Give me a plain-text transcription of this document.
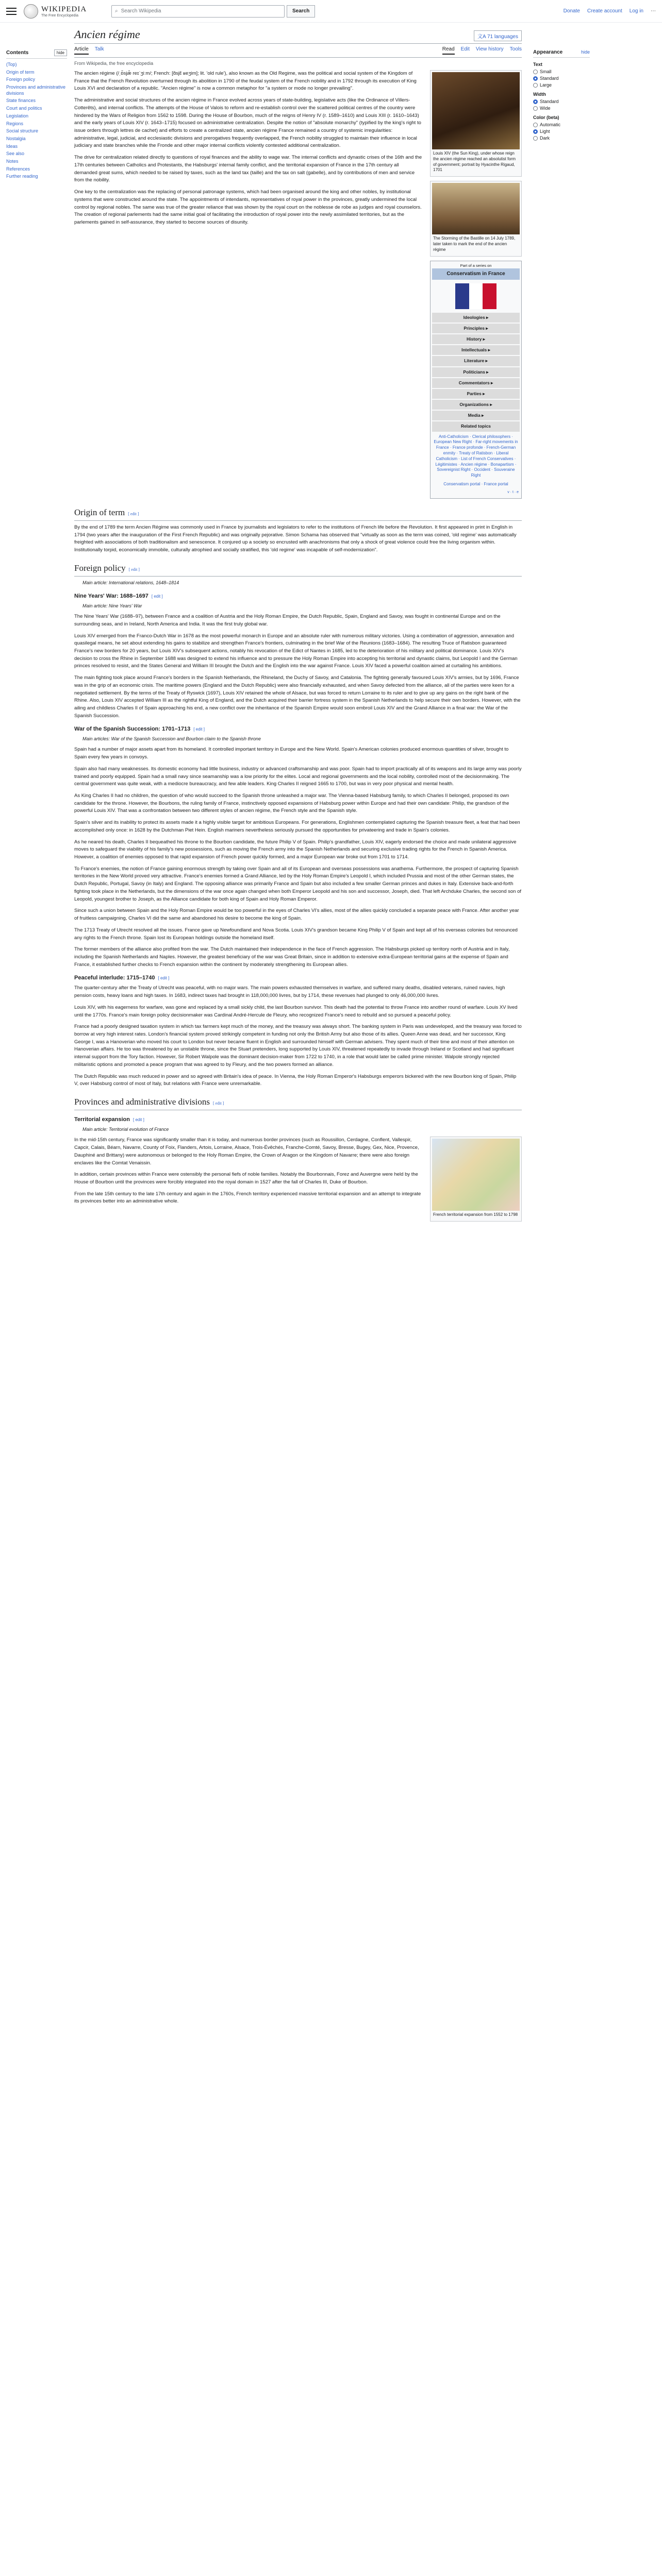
WIKIPEDIA
The Free Encyclopedia
⌕ Search Wikipedia	Search	Donate Create account Log in ⋯
Contents	hide
(Top)
Origin of term
Foreign policy
Provinces and administrative divisions
State finances
Court and politics
Legislation
Regions
Social structure
Nostalgia
Ideas
See also
Notes
References
Further reading
Ancien régime	文A 71 languages
Article Talk	Read Edit View history Tools
From Wikipedia, the free encyclopedia

The ancien régime (/ˌɒ̃sjæ̃ reɪˈʒiːm/; French: [ɑ̃sjɛ̃ ʁeʒim]; lit. 'old rule'), also known as the Old Regime, was the political and social system of the Kingdom of France that the French Revolution overturned through its abolition in 1790 of the feudal system of the French nobility and in 1792 through its execution of King Louis XVI and declaration of a republic. "Ancien régime" is now a common metaphor for "a system or mode no longer prevailing".

The administrative and social structures of the ancien régime in France evolved across years of state-building, legislative acts (like the Ordinance of Villers-Cotterêts), and internal conflicts. The attempts of the House of Valois to reform and re-establish control over the scattered political centres of the country were hindered by the Wars of Religion from 1562 to 1598. During the House of Bourbon, much of the reigns of Henry IV (r. 1589–1610) and Louis XIII (r. 1610–1643) and the early years of Louis XIV (r. 1643–1715) focused on administrative centralization. Despite the notion of "absolute monarchy" (typified by the king's right to issue orders through lettres de cachet) and efforts to create a centralized state, ancien régime France remained a country of systemic irregularities: administrative, legal, judicial, and ecclesiastic divisions and prerogatives frequently overlapped, the French nobility struggled to maintain their influence in local judiciary and state branches while the Fronde and other major internal conflicts violently contested additional centralization.

The drive for centralization related directly to questions of royal finances and the ability to wage war. The internal conflicts and dynastic crises of the 16th and the 17th centuries between Catholics and Protestants, the Habsburgs' internal family conflict, and the territorial expansion of France in the 17th century all demanded great sums, which needed to be raised by taxes, such as the land tax (taille) and the tax on salt (gabelle), and by contributions of men and service from the nobility.

One key to the centralization was the replacing of personal patronage systems, which had been organised around the king and other nobles, by institutional systems that were constructed around the state. The appointments of intendants, representatives of royal power in the provinces, greatly undermined the local control by regional nobles. The same was true of the greater reliance that was shown by the royal court on the noblesse de robe as judges and royal counselors. The creation of regional parlements had the same initial goal of facilitating the introduction of royal power into the newly assimilated territories, but as the parlements gained in self-assurance, they started to become sources of disunity.

Louis XIV (the Sun King), under whose reign the ancien régime reached an absolutist form of government; portrait by Hyacinthe Rigaud, 1701
The Storming of the Bastille on 14 July 1789, later taken to mark the end of the ancien régime
Part of a series on
Conservatism in France
Ideologies ▸
Principles ▸
History ▸
Intellectuals ▸
Literature ▸
Politicians ▸
Commentators ▸
Parties ▸
Organizations ▸
Media ▸
Related topics
Anti-Catholicism · Clerical philosophers · European New Right · Far-right movements in France · France profonde · French-German enmity · Treaty of Ratisbon · Liberal Catholicism · List of French Conservatives · Légitimistes · Ancien régime · Bonapartism · Sovereignist Right · Occident · Souveraine Right
Conservatism portal · France portal
v · t · e
Origin of term [ edit ]

By the end of 1789 the term Ancien Régime was commonly used in France by journalists and legislators to refer to the institutions of French life before the Revolution. It first appeared in print in English in 1794 (two years after the inauguration of the First French Republic) and was originally pejorative. Simon Schama has observed that "virtually as soon as the term was coined, 'old regime' was automatically freighted with associations of both traditionalism and senescence. It conjured up a society so encrusted with anachronisms that only a shock of great violence could free the living organism within. Institutionally torpid, economically immobile, culturally atrophied and socially stratified, this 'old regime' was incapable of self-modernization".

Foreign policy [ edit ]
Main article: International relations, 1648–1814
Nine Years' War: 1688–1697 [ edit ]
Main article: Nine Years' War

The Nine Years' War (1688–97), between France and a coalition of Austria and the Holy Roman Empire, the Dutch Republic, Spain, England and Savoy, was fought in continental Europe and on the surrounding seas, and in Ireland, North America and India. It was the first truly global war.

Louis XIV emerged from the Franco-Dutch War in 1678 as the most powerful monarch in Europe and an absolute ruler with numerous military victories. Using a combination of aggression, annexation and quasilegal means, he set about extending his gains to stabilize and strengthen France's frontiers, culminating in the brief War of the Reunions (1683–1684). The resulting Truce of Ratisbon guaranteed France's new borders for 20 years, but Louis XIV's subsequent actions, notably his revocation of the Edict of Nantes in 1685, led to the deterioration of his military and political dominance. Louis XIV's decision to cross the Rhine in September 1688 was designed to extend his influence and to pressure the Holy Roman Empire into accepting his territorial and dynastic claims, but Leopold I and the German princes resolved to resist, and the States General and William III brought the Dutch and the English into the war against France. Louis XIV faced a powerful coalition aimed at curtailing his ambitions.

The main fighting took place around France's borders in the Spanish Netherlands, the Rhineland, the Duchy of Savoy, and Catalonia. The fighting generally favoured Louis XIV's armies, but by 1696, France was in the grip of an economic crisis. The maritime powers (England and the Dutch Republic) were also financially exhausted, and when Savoy defected from the alliance, all of the parties were keen for a negotiated settlement. By the terms of the Treaty of Ryswick (1697), Louis XIV retained the whole of Alsace, but was forced to return Lorraine to its ruler and to give up any gains on the right bank of the Rhine. Also, Louis XIV accepted William III as the rightful King of England, and the Dutch acquired their barrier fortress system in the Spanish Netherlands to help secure their own borders. However, with the ailing and childless Charles II of Spain approaching his end, a new conflict over the inheritance of the Spanish Empire would soon embroil Louis XIV and the Grand Alliance in a final war: the War of the Spanish Succession.

War of the Spanish Succession: 1701–1713 [ edit ]
Main articles: War of the Spanish Succession and Bourbon claim to the Spanish throne

Spain had a number of major assets apart from its homeland. It controlled important territory in Europe and the New World. Spain's American colonies produced enormous quantities of silver, brought to Spain every few years in convoys.

Spain also had many weaknesses. Its domestic economy had little business, industry or advanced craftsmanship and was poor. Spain had to import practically all of its weapons and its large army was poorly trained and poorly equipped. Spain had a small navy since seamanship was a low priority for the elites. Local and regional governments and the local nobility, controlled most of the decisionmaking. The central government was quite weak, with a mediocre bureaucracy, and few able leaders. King Charles II reigned 1665 to 1700, but was in very poor physical and mental health.

As King Charles II had no children, the question of who would succeed to the Spanish throne unleashed a major war. The Vienna-based Habsburg family, to which Charles II belonged, proposed its own candidate for the throne. However, the Bourbons, the ruling family of France, instinctively opposed expansions of Habsburg power within Europe and had their own candidate: Philip, the grandson of the powerful Louis XIV. That was a confrontation between two different styles of ancien régime, the French style and the Spanish style.

Spain's silver and its inability to protect its assets made it a highly visible target for ambitious Europeans. For generations, Englishmen contemplated capturing the Spanish treasure fleet, a feat that had been accomplished only once: in 1628 by the Dutchman Piet Hein. English mariners nevertheless seriously pursued the opportunities for privateering and trade in Spain's colonies.

As he neared his death, Charles II bequeathed his throne to the Bourbon candidate, the future Philip V of Spain. Philip's grandfather, Louis XIV, eagerly endorsed the choice and made unilateral aggressive moves to safeguard the viability of his family's new possessions, such as moving the French army into the Spanish Netherlands and securing exclusive trading rights for the French in Spanish America. However, a coalition of enemies opposed to that rapid expansion of French power quickly formed, and a major European war broke out from 1701 to 1714.

To France's enemies, the notion of France gaining enormous strength by taking over Spain and all of its European and overseas possessions was anathema. Furthermore, the prospect of capturing Spanish territories in the New World proved very attractive. France's enemies formed a Grand Alliance, led by the Holy Roman Empire's Leopold I, which included Prussia and most of the other German states, the Dutch Republic, Portugal, Savoy (in Italy) and England. The opposing alliance was primarily France and Spain but also included a few smaller German princes and dukes in Italy. Extensive back-and-forth fighting took place in the Netherlands, but the dimensions of the war once again changed when both Emperor Leopold and his son and successor, Joseph, died. That left Archduke Charles, the second son of Leopold, youngest brother to Joseph, as the Alliance candidate for both king of Spain and Holy Roman Emperor.

Since such a union between Spain and the Holy Roman Empire would be too powerful in the eyes of Charles VI's allies, most of the allies quickly concluded a separate peace with France. After another year of fruitless campaigning, Charles VI did the same and abandoned his desire to become the king of Spain.

The 1713 Treaty of Utrecht resolved all the issues. France gave up Newfoundland and Nova Scotia. Louis XIV's grandson became King Philip V of Spain and kept all of his overseas colonies but renounced any rights to the French throne. Spain lost its European holdings outside the homeland itself.

The former members of the alliance also profited from the war. The Dutch maintained their independence in the face of French aggression. The Habsburgs picked up territory north of Austria and in Italy, including the Spanish Netherlands and Naples. However, the greatest beneficiary of the war was Great Britain, since in addition to extensive extra-European territorial gains at the expense of Spain and France, it established further checks to French expansion within the continent by moderately strengthening its European allies.

Peaceful interlude: 1715–1740 [ edit ]

The quarter-century after the Treaty of Utrecht was peaceful, with no major wars. The main powers exhausted themselves in warfare, and suffered many deaths, disabled veterans, ruined navies, high pension costs, heavy loans and high taxes. In 1683, indirect taxes had brought in 118,000,000 livres, but by 1714, these revenues had plunged to only 46,000,000 livres.

Louis XIV, with his eagerness for warfare, was gone and replaced by a small sickly child, the last Bourbon survivor. This death had the potential to throw France into another round of warfare. Louis XV lived until the 1770s. France's main foreign policy decisionmaker was Cardinal André-Hercule de Fleury, who recognized France's need to rebuild and so pursued a peaceful policy.

France had a poorly designed taxation system in which tax farmers kept much of the money, and the treasury was always short. The banking system in Paris was undeveloped, and the treasury was forced to borrow at very high interest rates. London's financial system proved strikingly competent in funding not only the British Army but also those of its allies. Queen Anne was dead, and her successor, King George I, was a Hanoverian who moved his court to London but never became fluent in English and surrounded himself with German advisers. They spent much of their time and most of their attention on Hanoverian affairs. He too was threatened by an unstable throne, since the Stuart pretenders, long supported by Louis XIV, threatened repeatedly to invade through Ireland or Scotland and had significant internal support from the Tory faction. However, Sir Robert Walpole was the dominant decision-maker from 1722 to 1740, in a role that would later be called prime minister. Walpole strongly rejected militaristic options and promoted a peace program that was agreed to by Fleury, and the two powers formed an alliance.

The Dutch Republic was much reduced in power and so agreed with Britain's idea of peace. In Vienna, the Holy Roman Emperor's Habsburgs emperors bickered with the new Bourbon king of Spain, Philip V, over Habsburg control of most of Italy, but relations with France were unremarkable.

Provinces and administrative divisions [ edit ]
Territorial expansion [ edit ]
Main article: Territorial evolution of France

In the mid-15th century, France was significantly smaller than it is today, and numerous border provinces (such as Roussillon, Cerdagne, Conflent, Vallespir, Capcir, Calais, Béarn, Navarre, County of Foix, Flanders, Artois, Lorraine, Alsace, Trois-Évêchés, Franche-Comté, Savoy, Bresse, Bugey, Gex, Nice, Provence, Dauphiné and Brittany) were autonomous or belonged to the Holy Roman Empire, the Crown of Aragon or the Kingdom of Navarre; there were also foreign enclaves like the Comtat Venaissin.

In addition, certain provinces within France were ostensibly the personal fiefs of noble families. Notably the Bourbonnais, Forez and Auvergne were held by the House of Bourbon until the provinces were forcibly integrated into the royal domain in 1527 after the fall of Charles III, Duke of Bourbon.

From the late 15th century to the late 17th century and again in the 1760s, French territory experienced massive territorial expansion and an attempt to integrate its provinces better into an administrative whole.

French territorial expansion from 1552 to 1798
Appearance	hide
Text
Small
Standard
Large
Width
Standard
Wide
Color (beta)
Automatic
Light
Dark
